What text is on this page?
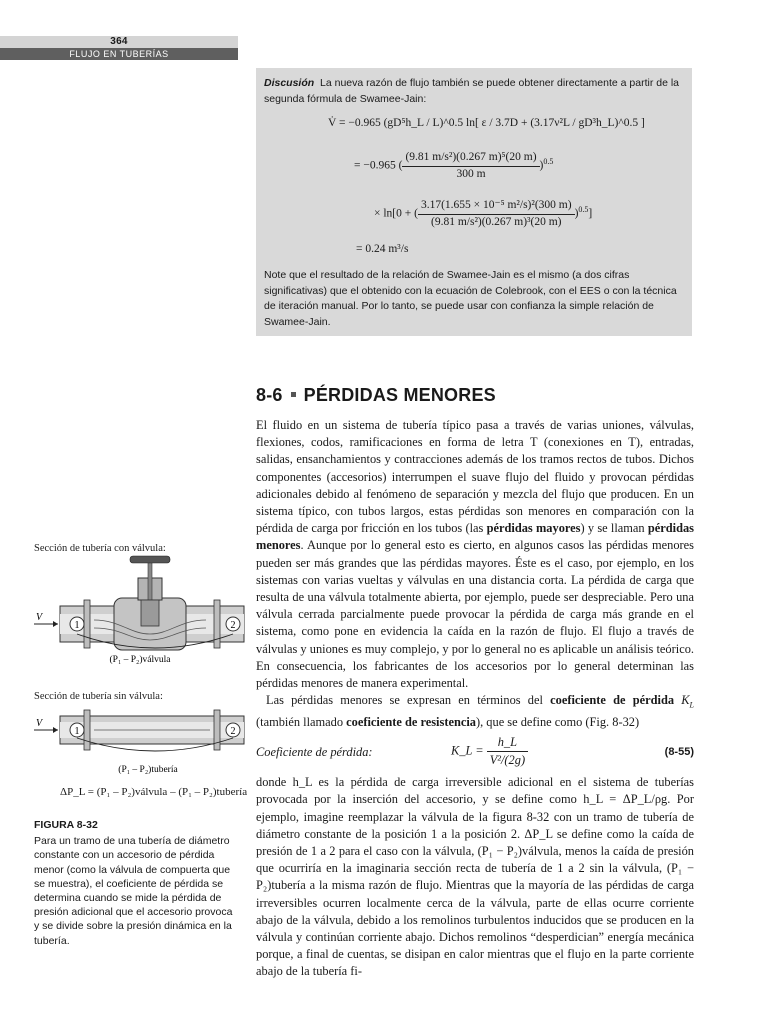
364
FLUJO EN TUBERÍAS
Discusión La nueva razón de flujo también se puede obtener directamente a partir de la segunda fórmula de Swamee-Jain:
V̇ = −0.965 (gD⁵h_L / L)^0.5 ln[ ε / 3.7D + (3.17ν²L / gD³h_L)^0.5 ]
= −0.965 ( $\frac{\text{(9.81 m/s²)(0.267 m)⁵(20 m)}}{300 m} )^{0.5}$
× ln[0 + ( $\frac{\text{3.17(1.655 × 10⁻⁵ m²/s)²(300 m)}}{\text{(9.81 m/s²)(0.267 m)³(20 m)}} )^{0.5}$]
= 0.24 m³/s
Note que el resultado de la relación de Swamee-Jain es el mismo (a dos cifras significativas) que el obtenido con la ecuación de Colebrook, con el EES o con la técnica de iteración manual. Por lo tanto, se puede usar con confianza la simple relación de Swamee-Jain.
8-6 PÉRDIDAS MENORES

El fluido en un sistema de tubería típico pasa a través de varias uniones, válvulas, flexiones, codos, ramificaciones en forma de letra T (conexiones en T), entradas, salidas, ensanchamientos y contracciones además de los tramos rectos de tubos. Dichos componentes (accesorios) interrumpen el suave flujo del fluido y provocan pérdidas adicionales debido al fenómeno de separación y mezcla del flujo que producen. En un sistema típico, con tubos largos, estas pérdidas son menores en comparación con la pérdida de carga por fricción en los tubos (las pérdidas mayores) y se llaman pérdidas menores. Aunque por lo general esto es cierto, en algunos casos las pérdidas menores pueden ser más grandes que las pérdidas mayores. Éste es el caso, por ejemplo, en los sistemas con varias vueltas y válvulas en una distancia corta. La pérdida de carga que resulta de una válvula totalmente abierta, por ejemplo, puede ser despreciable. Pero una válvula cerrada parcialmente puede provocar la pérdida de carga más grande en el sistema, como pone en evidencia la caída en la razón de flujo. El flujo a través de válvulas y uniones es muy complejo, y por lo general no es aplicable un análisis teórico. En consecuencia, los fabricantes de los accesorios por lo general determinan las pérdidas menores de manera experimental.

Las pérdidas menores se expresan en términos del coeficiente de pérdida $K_L$ (también llamado coeficiente de resistencia), que se define como (Fig. 8-32)

Coeficiente de pérdida:	K_L = $\frac{h\_L}{\text{V²/(2g)}}$	(8-55)

donde h_L es la pérdida de carga irreversible adicional en el sistema de tuberías provocada por la inserción del accesorio, y se define como h_L = ΔP_L/ρg. Por ejemplo, imagine reemplazar la válvula de la figura 8-32 con un tramo de tubería de diámetro constante de la posición 1 a la posición 2. ΔP_L se define como la caída de presión de 1 a 2 para el caso con la válvula, (P₁ − P₂)válvula, menos la caída de presión que ocurriría en la imaginaria sección recta de tubería de 1 a 2 sin la válvula, (P₁ − P₂)tubería a la misma razón de flujo. Mientras que la mayoría de las pérdidas de carga irreversibles ocurren localmente cerca de la válvula, parte de ellas ocurre corriente abajo de la válvula, debido a los remolinos turbulentos inducidos que se producen en la válvula y continúan corriente abajo. Dichos remolinos “desperdician” energía mecánica porque, a final de cuentas, se disipan en calor mientras que el flujo en la parte corriente abajo de la tubería fi-

Sección de tubería con válvula:
1	2
V
(P₁ – P₂)válvula
Sección de tubería sin válvula:
1	2
V
(P₁ – P₂)tubería
ΔP_L = (P₁ – P₂)válvula – (P₁ – P₂)tubería
FIGURA 8-32
Para un tramo de una tubería de diámetro constante con un accesorio de pérdida menor (como la válvula de compuerta que se muestra), el coeficiente de pérdida se determina cuando se mide la pérdida de presión adicional que el accesorio provoca y se divide sobre la presión dinámica en la tubería.
